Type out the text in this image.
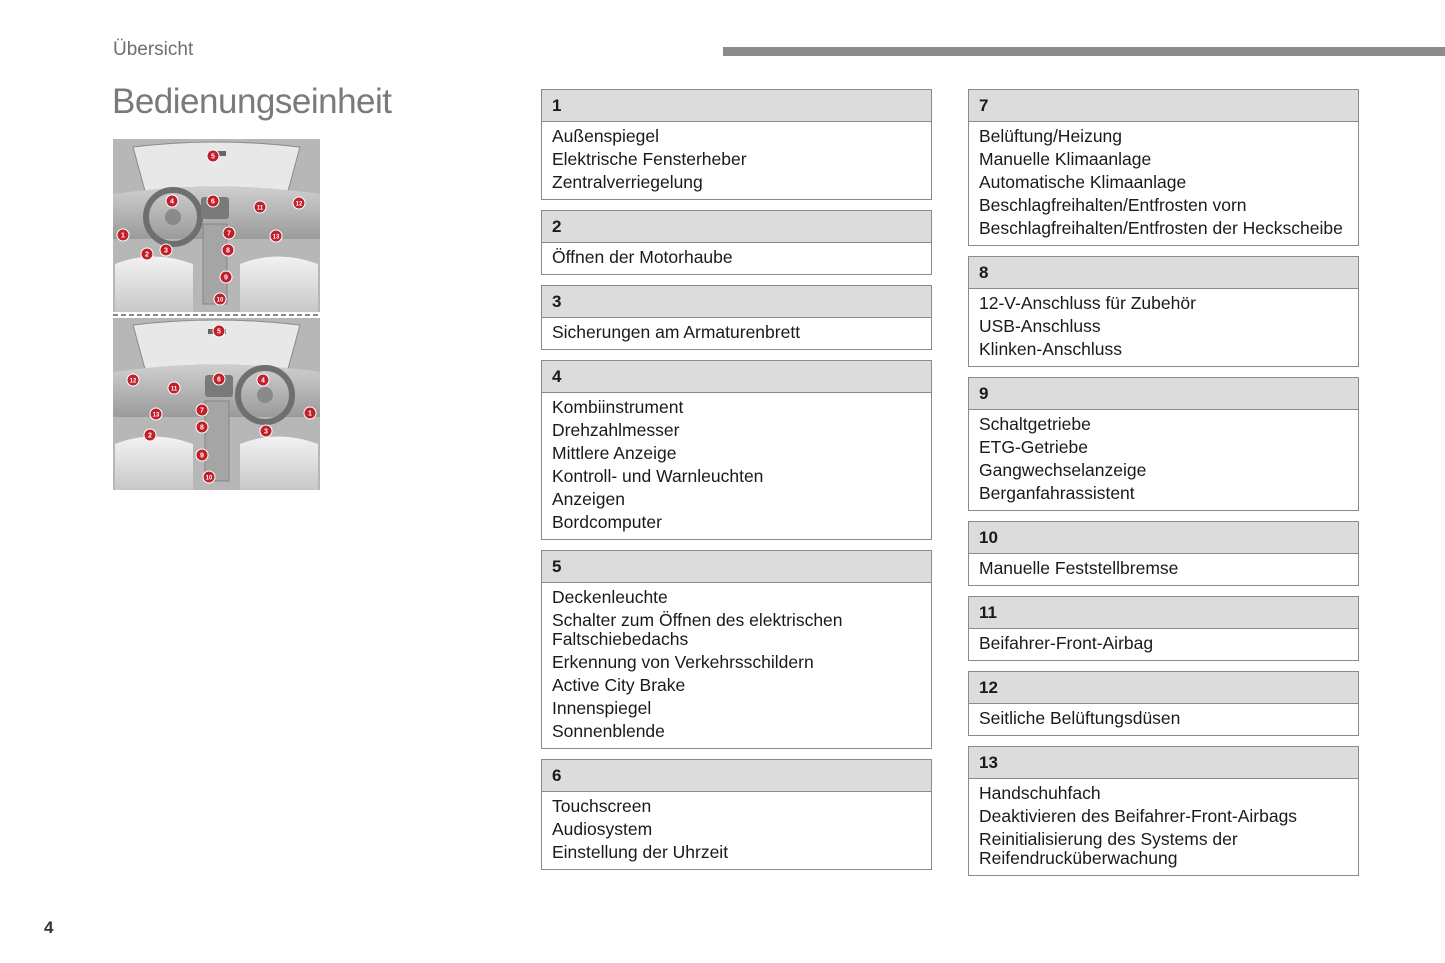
Übersicht
Bedienungseinheit
5
4	6
11
12
1	7
8
2
3
13
9
10
5
6	4
12
11
7	1
13
8
3
2
9
10
1
Außenspiegel
Elektrische Fensterheber
Zentralverriegelung
2
Öffnen der Motorhaube
3
Sicherungen am Armaturenbrett
4
Kombiinstrument
Drehzahlmesser
Mittlere Anzeige
Kontroll- und Warnleuchten
Anzeigen
Bordcomputer
5
Deckenleuchte
Schalter zum Öffnen des elektrischen Faltschiebedachs
Erkennung von Verkehrsschildern
Active City Brake
Innenspiegel
Sonnenblende
6
Touchscreen
Audiosystem
Einstellung der Uhrzeit
7
Belüftung/Heizung
Manuelle Klimaanlage
Automatische Klimaanlage
Beschlagfreihalten/Entfrosten vorn
Beschlagfreihalten/Entfrosten der Heckscheibe
8
12-V-Anschluss für Zubehör
USB-Anschluss
Klinken-Anschluss
9
Schaltgetriebe
ETG-Getriebe
Gangwechselanzeige
Berganfahrassistent
10
Manuelle Feststellbremse
11
Beifahrer-Front-Airbag
12
Seitliche Belüftungsdüsen
13
Handschuhfach
Deaktivieren des Beifahrer-Front-Airbags
Reinitialisierung des Systems der Reifendrucküberwachung
4
